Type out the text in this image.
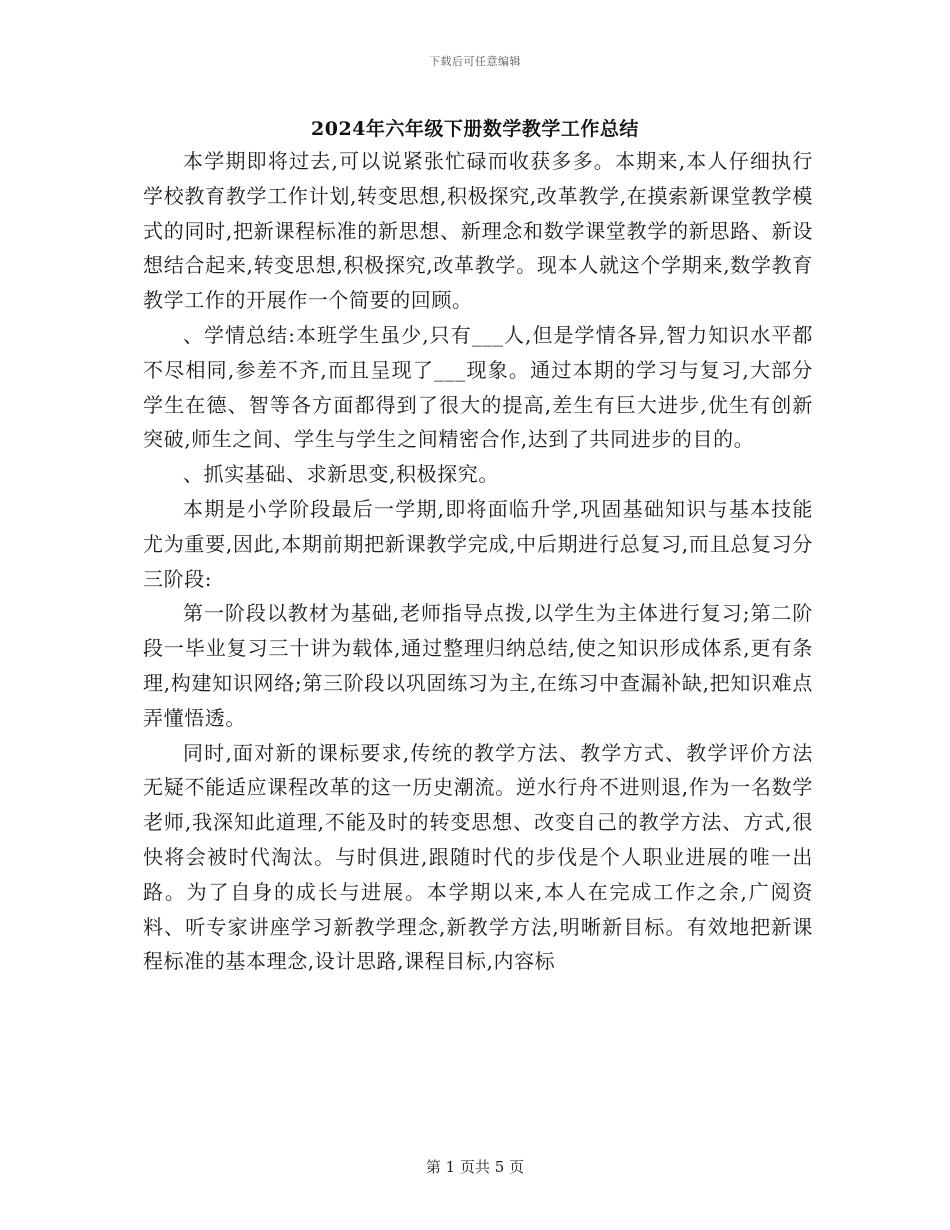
下载后可任意编辑
2024年六年级下册数学教学工作总结

本学期即将过去,可以说紧张忙碌而收获多多。本期来,本人仔细执行学校教育教学工作计划,转变思想,积极探究,改革教学,在摸索新课堂教学模式的同时,把新课程标准的新思想、新理念和数学课堂教学的新思路、新设想结合起来,转变思想,积极探究,改革教学。现本人就这个学期来,数学教育教学工作的开展作一个简要的回顾。

、学情总结:本班学生虽少,只有___人,但是学情各异,智力知识水平都不尽相同,参差不齐,而且呈现了___现象。通过本期的学习与复习,大部分学生在德、智等各方面都得到了很大的提高,差生有巨大进步,优生有创新突破,师生之间、学生与学生之间精密合作,达到了共同进步的目的。

、抓实基础、求新思变,积极探究。

本期是小学阶段最后一学期,即将面临升学,巩固基础知识与基本技能尤为重要,因此,本期前期把新课教学完成,中后期进行总复习,而且总复习分三阶段:

第一阶段以教材为基础,老师指导点拨,以学生为主体进行复习;第二阶段一毕业复习三十讲为载体,通过整理归纳总结,使之知识形成体系,更有条理,构建知识网络;第三阶段以巩固练习为主,在练习中查漏补缺,把知识难点弄懂悟透。

同时,面对新的课标要求,传统的教学方法、教学方式、教学评价方法无疑不能适应课程改革的这一历史潮流。逆水行舟不进则退,作为一名数学老师,我深知此道理,不能及时的转变思想、改变自己的教学方法、方式,很快将会被时代淘汰。与时俱进,跟随时代的步伐是个人职业进展的唯一出路。为了自身的成长与进展。本学期以来,本人在完成工作之余,广阅资料、听专家讲座学习新教学理念,新教学方法,明晰新目标。有效地把新课程标准的基本理念,设计思路,课程目标,内容标

第 1 页共 5 页
